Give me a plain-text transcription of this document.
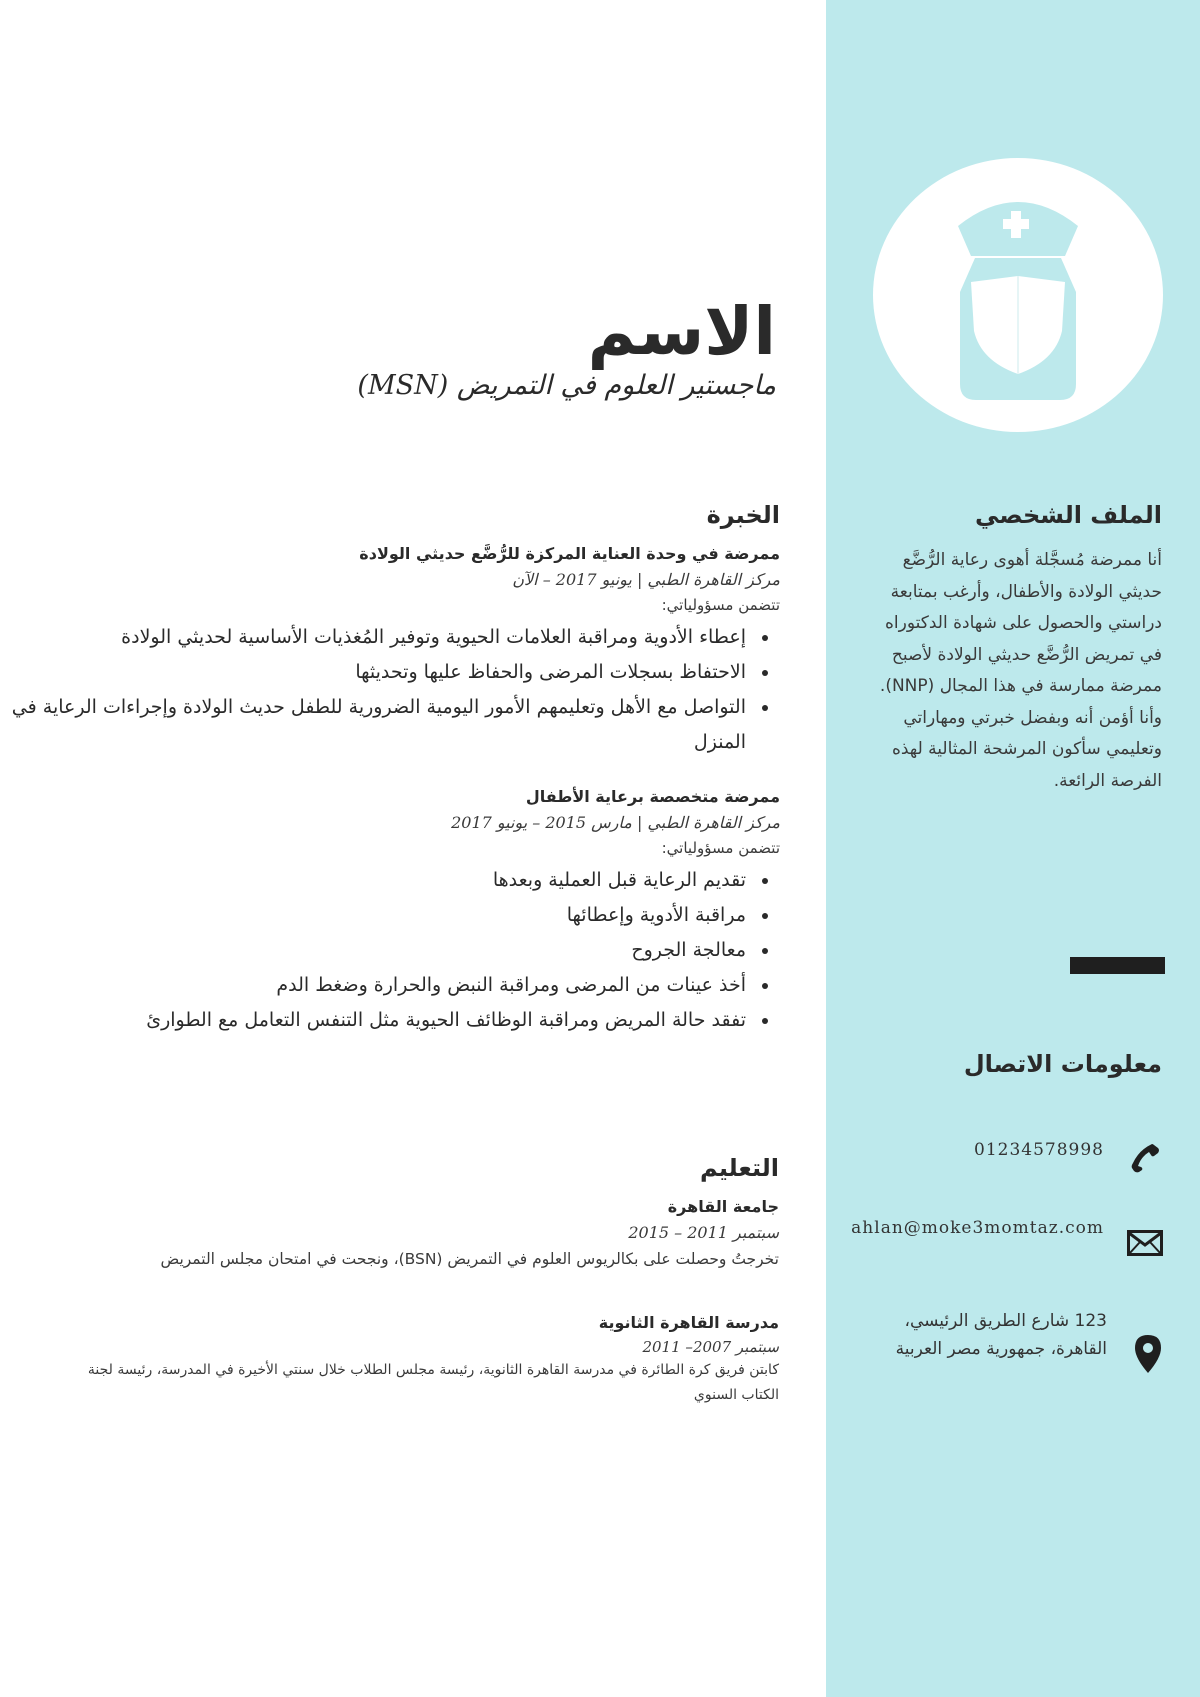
الاسم
ماجستير العلوم في التمريض (MSN)
الخبرة
ممرضة في وحدة العناية المركزة للرُّضَّع حديثي الولادة
مركز القاهرة الطبي | يونيو 2017 – الآن
تتضمن مسؤولياتي:
• إعطاء الأدوية ومراقبة العلامات الحيوية وتوفير المُغذيات الأساسية لحديثي الولادة
• الاحتفاظ بسجلات المرضى والحفاظ عليها وتحديثها
• التواصل مع الأهل وتعليمهم الأمور اليومية الضرورية للطفل حديث الولادة وإجراءات الرعاية في المنزل
ممرضة متخصصة برعاية الأطفال
مركز القاهرة الطبي | مارس 2015 – يونيو 2017
تتضمن مسؤولياتي:
• تقديم الرعاية قبل العملية وبعدها
• مراقبة الأدوية وإعطائها
• معالجة الجروح
• أخذ عينات من المرضى ومراقبة النبض والحرارة وضغط الدم
• تفقد حالة المريض ومراقبة الوظائف الحيوية مثل التنفس التعامل مع الطوارئ
التعليم
جامعة القاهرة
سبتمبر 2011 – 2015
تخرجتُ وحصلت على بكالريوس العلوم في التمريض (BSN)، ونجحت في امتحان مجلس التمريض
مدرسة القاهرة الثانوية
سبتمبر 2007– 2011
كابتن فريق كرة الطائرة في مدرسة القاهرة الثانوية، رئيسة مجلس الطلاب خلال سنتي الأخيرة في المدرسة، رئيسة لجنة الكتاب السنوي
الملف الشخصي
أنا ممرضة مُسجَّلة أهوى رعاية الرُّضَّع حديثي الولادة والأطفال، وأرغب بمتابعة دراستي والحصول على شهادة الدكتوراه في تمريض الرُّضَّع حديثي الولادة لأصبح ممرضة ممارسة في هذا المجال (NNP). وأنا أؤمن أنه وبفضل خبرتي ومهاراتي وتعليمي سأكون المرشحة المثالية لهذه الفرصة الرائعة.
معلومات الاتصال
01234578998
ahlan@moke3momtaz.com
123 شارع الطريق الرئيسي،
القاهرة، جمهورية مصر العربية
